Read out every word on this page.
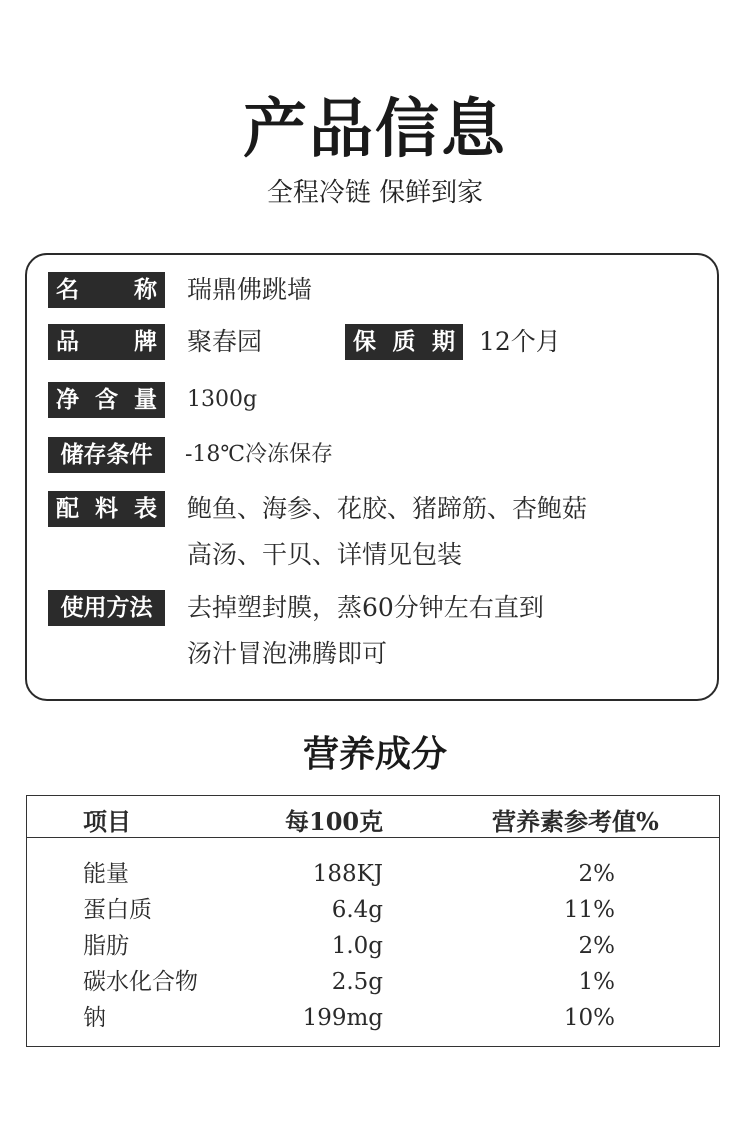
产品信息
全程冷链 保鲜到家
名 称 瑞鼎佛跳墙
品 牌 聚春园	保 质 期 12个月
净 含 量 1300g
储存条件	-18℃冷冻保存
配 料 表 鲍鱼、海参、花胶、猪蹄筋、杏鲍菇
高汤、干贝、详情见包装
使用方法	去掉塑封膜，蒸60分钟左右直到
汤汁冒泡沸腾即可
营养成分
项目	每100克	营养素参考值%
能量	188KJ	2%
蛋白质	6.4g	11%
脂肪	1.0g	2%
碳水化合物	2.5g	1%
钠	199mg	10%
